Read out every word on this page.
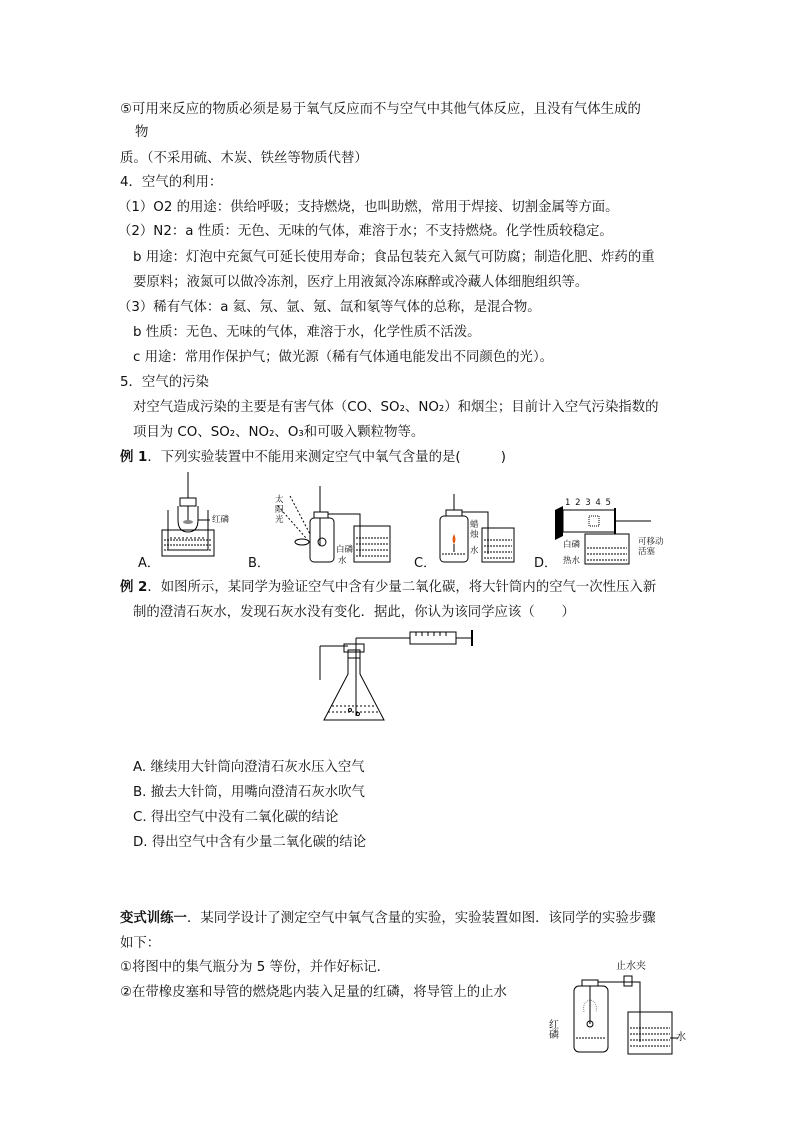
⑤可用来反应的物质必须是易于氧气反应而不与空气中其他气体反应，且没有气体生成的
物
质。（不采用硫、木炭、铁丝等物质代替）
4．空气的利用：
（1）O2 的用途：供给呼吸；支持燃烧，也叫助燃，常用于焊接、切割金属等方面。
（2）N2：a 性质：无色、无味的气体，难溶于水；不支持燃烧。化学性质较稳定。
b 用途：灯泡中充氮气可延长使用寿命；食品包装充入氮气可防腐；制造化肥、炸药的重
要原料；液氮可以做冷冻剂，医疗上用液氮冷冻麻醉或冷藏人体细胞组织等。
（3）稀有气体：a 氦、氖、氩、氪、氙和氡等气体的总称，是混合物。
b 性质：无色、无味的气体，难溶于水，化学性质不活泼。
c 用途：常用作保护气；做光源（稀有气体通电能发出不同颜色的光）。
5．空气的污染
对空气造成污染的主要是有害气体（CO、SO₂、NO₂）和烟尘；目前计入空气污染指数的
项目为 CO、SO₂、NO₂、O₃和可吸入颗粒物等。
例 1．下列实验装置中不能用来测定空气中氧气含量的是(　　　)
红磷
A．
太阳光
白磷
水
B．
蜡烛
水
C．
1 2 3 4 5
白磷
热水
可移动活塞
D．
例 2．如图所示，某同学为验证空气中含有少量二氧化碳，将大针筒内的空气一次性压入新
制的澄清石灰水，发现石灰水没有变化．据此，你认为该同学应该（　　）
A. 继续用大针筒向澄清石灰水压入空气
B. 撤去大针筒，用嘴向澄清石灰水吹气
C. 得出空气中没有二氧化碳的结论
D. 得出空气中含有少量二氧化碳的结论
变式训练一．某同学设计了测定空气中氧气含量的实验，实验装置如图．该同学的实验步骤
如下：
①将图中的集气瓶分为 5 等份，并作好标记．
②在带橡皮塞和导管的燃烧匙内装入足量的红磷，将导管上的止水
止水夹
红磷	水
